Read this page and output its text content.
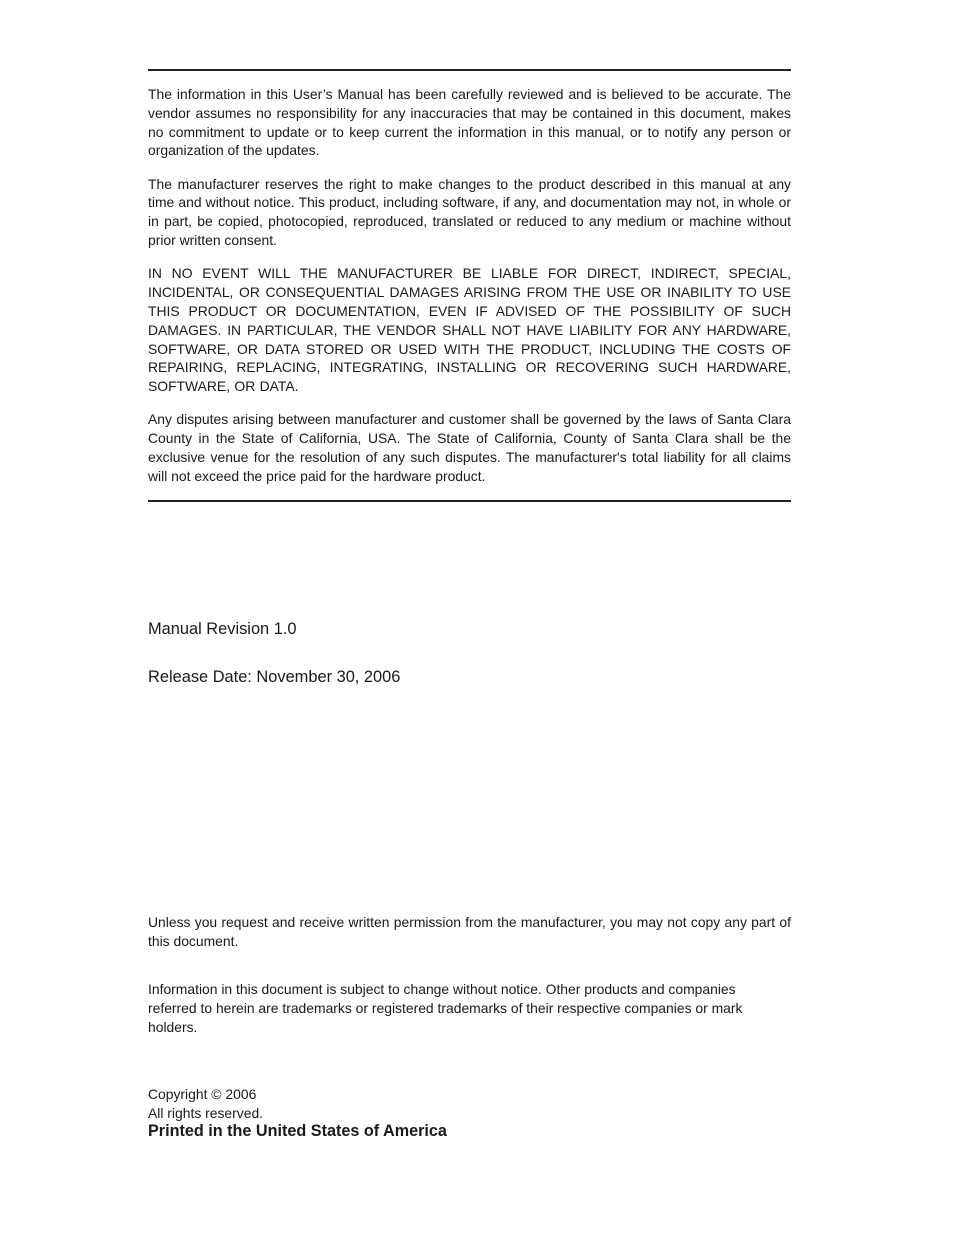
The information in this User’s Manual has been carefully reviewed and is believed to be accurate. The vendor assumes no responsibility for any inaccuracies that may be contained in this document, makes no commitment to update or to keep current the information in this manual, or to notify any person or organization of the updates.

The manufacturer reserves the right to make changes to the product described in this manual at any time and without notice. This product, including software, if any, and documentation may not, in whole or in part, be copied, photocopied, reproduced, translated or reduced to any medium or machine without prior written consent.

IN NO EVENT WILL THE MANUFACTURER BE LIABLE FOR DIRECT, INDIRECT, SPECIAL, INCIDENTAL, OR CONSEQUENTIAL DAMAGES ARISING FROM THE USE OR INABILITY TO USE THIS PRODUCT OR DOCUMENTATION, EVEN IF ADVISED OF THE POSSIBILITY OF SUCH DAMAGES. IN PARTICULAR, THE VENDOR SHALL NOT HAVE LIABILITY FOR ANY HARDWARE, SOFTWARE, OR DATA STORED OR USED WITH THE PRODUCT, INCLUDING THE COSTS OF REPAIRING, REPLACING, INTEGRATING, INSTALLING OR RECOVERING SUCH HARDWARE, SOFTWARE, OR DATA.

Any disputes arising between manufacturer and customer shall be governed by the laws of Santa Clara County in the State of California, USA. The State of California, County of Santa Clara shall be the exclusive venue for the resolution of any such disputes. The manufacturer's total liability for all claims will not exceed the price paid for the hardware product.

Manual Revision 1.0

Release Date: November 30, 2006

Unless you request and receive written permission from the manufacturer, you may not copy any part of this document.

Information in this document is subject to change without notice. Other products and companies referred to herein are trademarks or registered trademarks of their respective companies or mark holders.

Copyright © 2006

All rights reserved.

Printed in the United States of America
